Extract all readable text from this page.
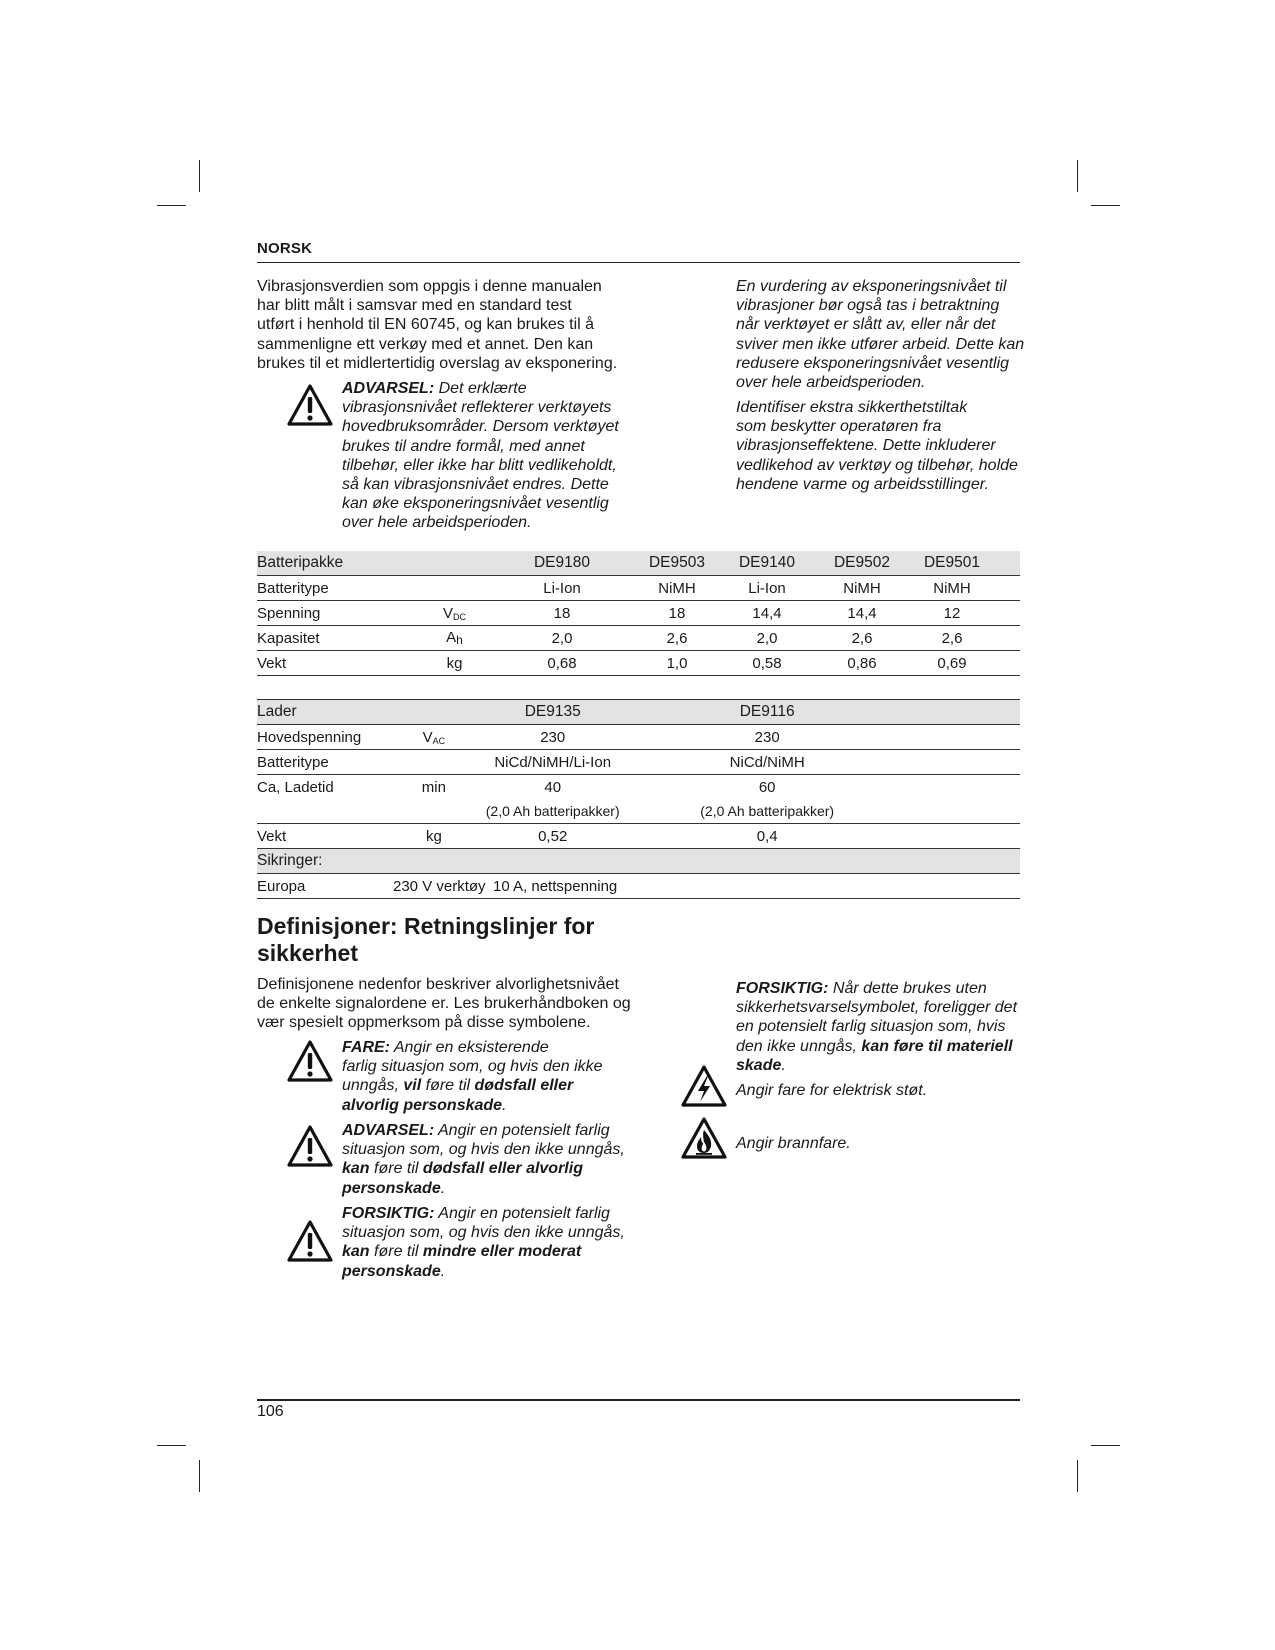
NORSK

Vibrasjonsverdien som oppgis i denne manualen

har blitt målt i samsvar med en standard test

utført i henhold til EN 60745, og kan brukes til å

sammenligne ett verkøy med et annet. Den kan

brukes til et midlertertidig overslag av eksponering.

ADVARSEL: Det erklærte
vibrasjonsnivået reflekterer verktøyets
hovedbruksområder. Dersom verktøyet
brukes til andre formål, med annet
tilbehør, eller ikke har blitt vedlikeholdt,
så kan vibrasjonsnivået endres. Dette
kan øke eksponeringsnivået vesentlig
over hele arbeidsperioden.

En vurdering av eksponeringsnivået til

vibrasjoner bør også tas i betraktning

når verktøyet er slått av, eller når det

sviver men ikke utfører arbeid. Dette kan

redusere eksponeringsnivået vesentlig

over hele arbeidsperioden.

Identifiser ekstra sikkerthetstiltak

som beskytter operatøren fra

vibrasjonseffektene. Dette inkluderer

vedlikehod av verktøy og tilbehør, holde

hendene varme og arbeidsstillinger.

Batteripakke		DE9180	DE9503	DE9140	DE9502	DE9501	
Batteritype		Li-Ion	NiMH	Li-Ion	NiMH	NiMH	
Spenning	$V_{DC}$	18	18	14,4	14,4	12	
Kapasitet	Ah	2,0	2,6	2,0	2,6	2,6	
Vekt	kg	0,68	1,0	0,58	0,86	0,69	
Lader		DE9135		DE9116	
Hovedspenning	$V_{AC}$	230		230	
Batteritype		NiCd/NiMH/Li-Ion		NiCd/NiMH	
Ca, Ladetid	min	40		60	
		(2,0 Ah batteripakker)		(2,0 Ah batteripakker)	
Vekt	kg	0,52		0,4	
Sikringer:					
Europa 230 V verktøy 10 A, nettspenning					
Definisjoner: Retningslinjer for
sikkerhet

Definisjonene nedenfor beskriver alvorlighetsnivået

de enkelte signalordene er. Les brukerhåndboken og

vær spesielt oppmerksom på disse symbolene.

FARE: Angir en eksisterende
farlig situasjon som, og hvis den ikke
unngås, vil føre til dødsfall eller
alvorlig personskade.
ADVARSEL: Angir en potensielt farlig
situasjon som, og hvis den ikke unngås,
kan føre til dødsfall eller alvorlig
personskade.
FORSIKTIG: Angir en potensielt farlig
situasjon som, og hvis den ikke unngås,
kan føre til mindre eller moderat
personskade.
FORSIKTIG: Når dette brukes uten
sikkerhetsvarselsymbolet, foreligger det
en potensielt farlig situasjon som, hvis
den ikke unngås, kan føre til materiell
skade.
Angir fare for elektrisk støt.
Angir brannfare.
106
